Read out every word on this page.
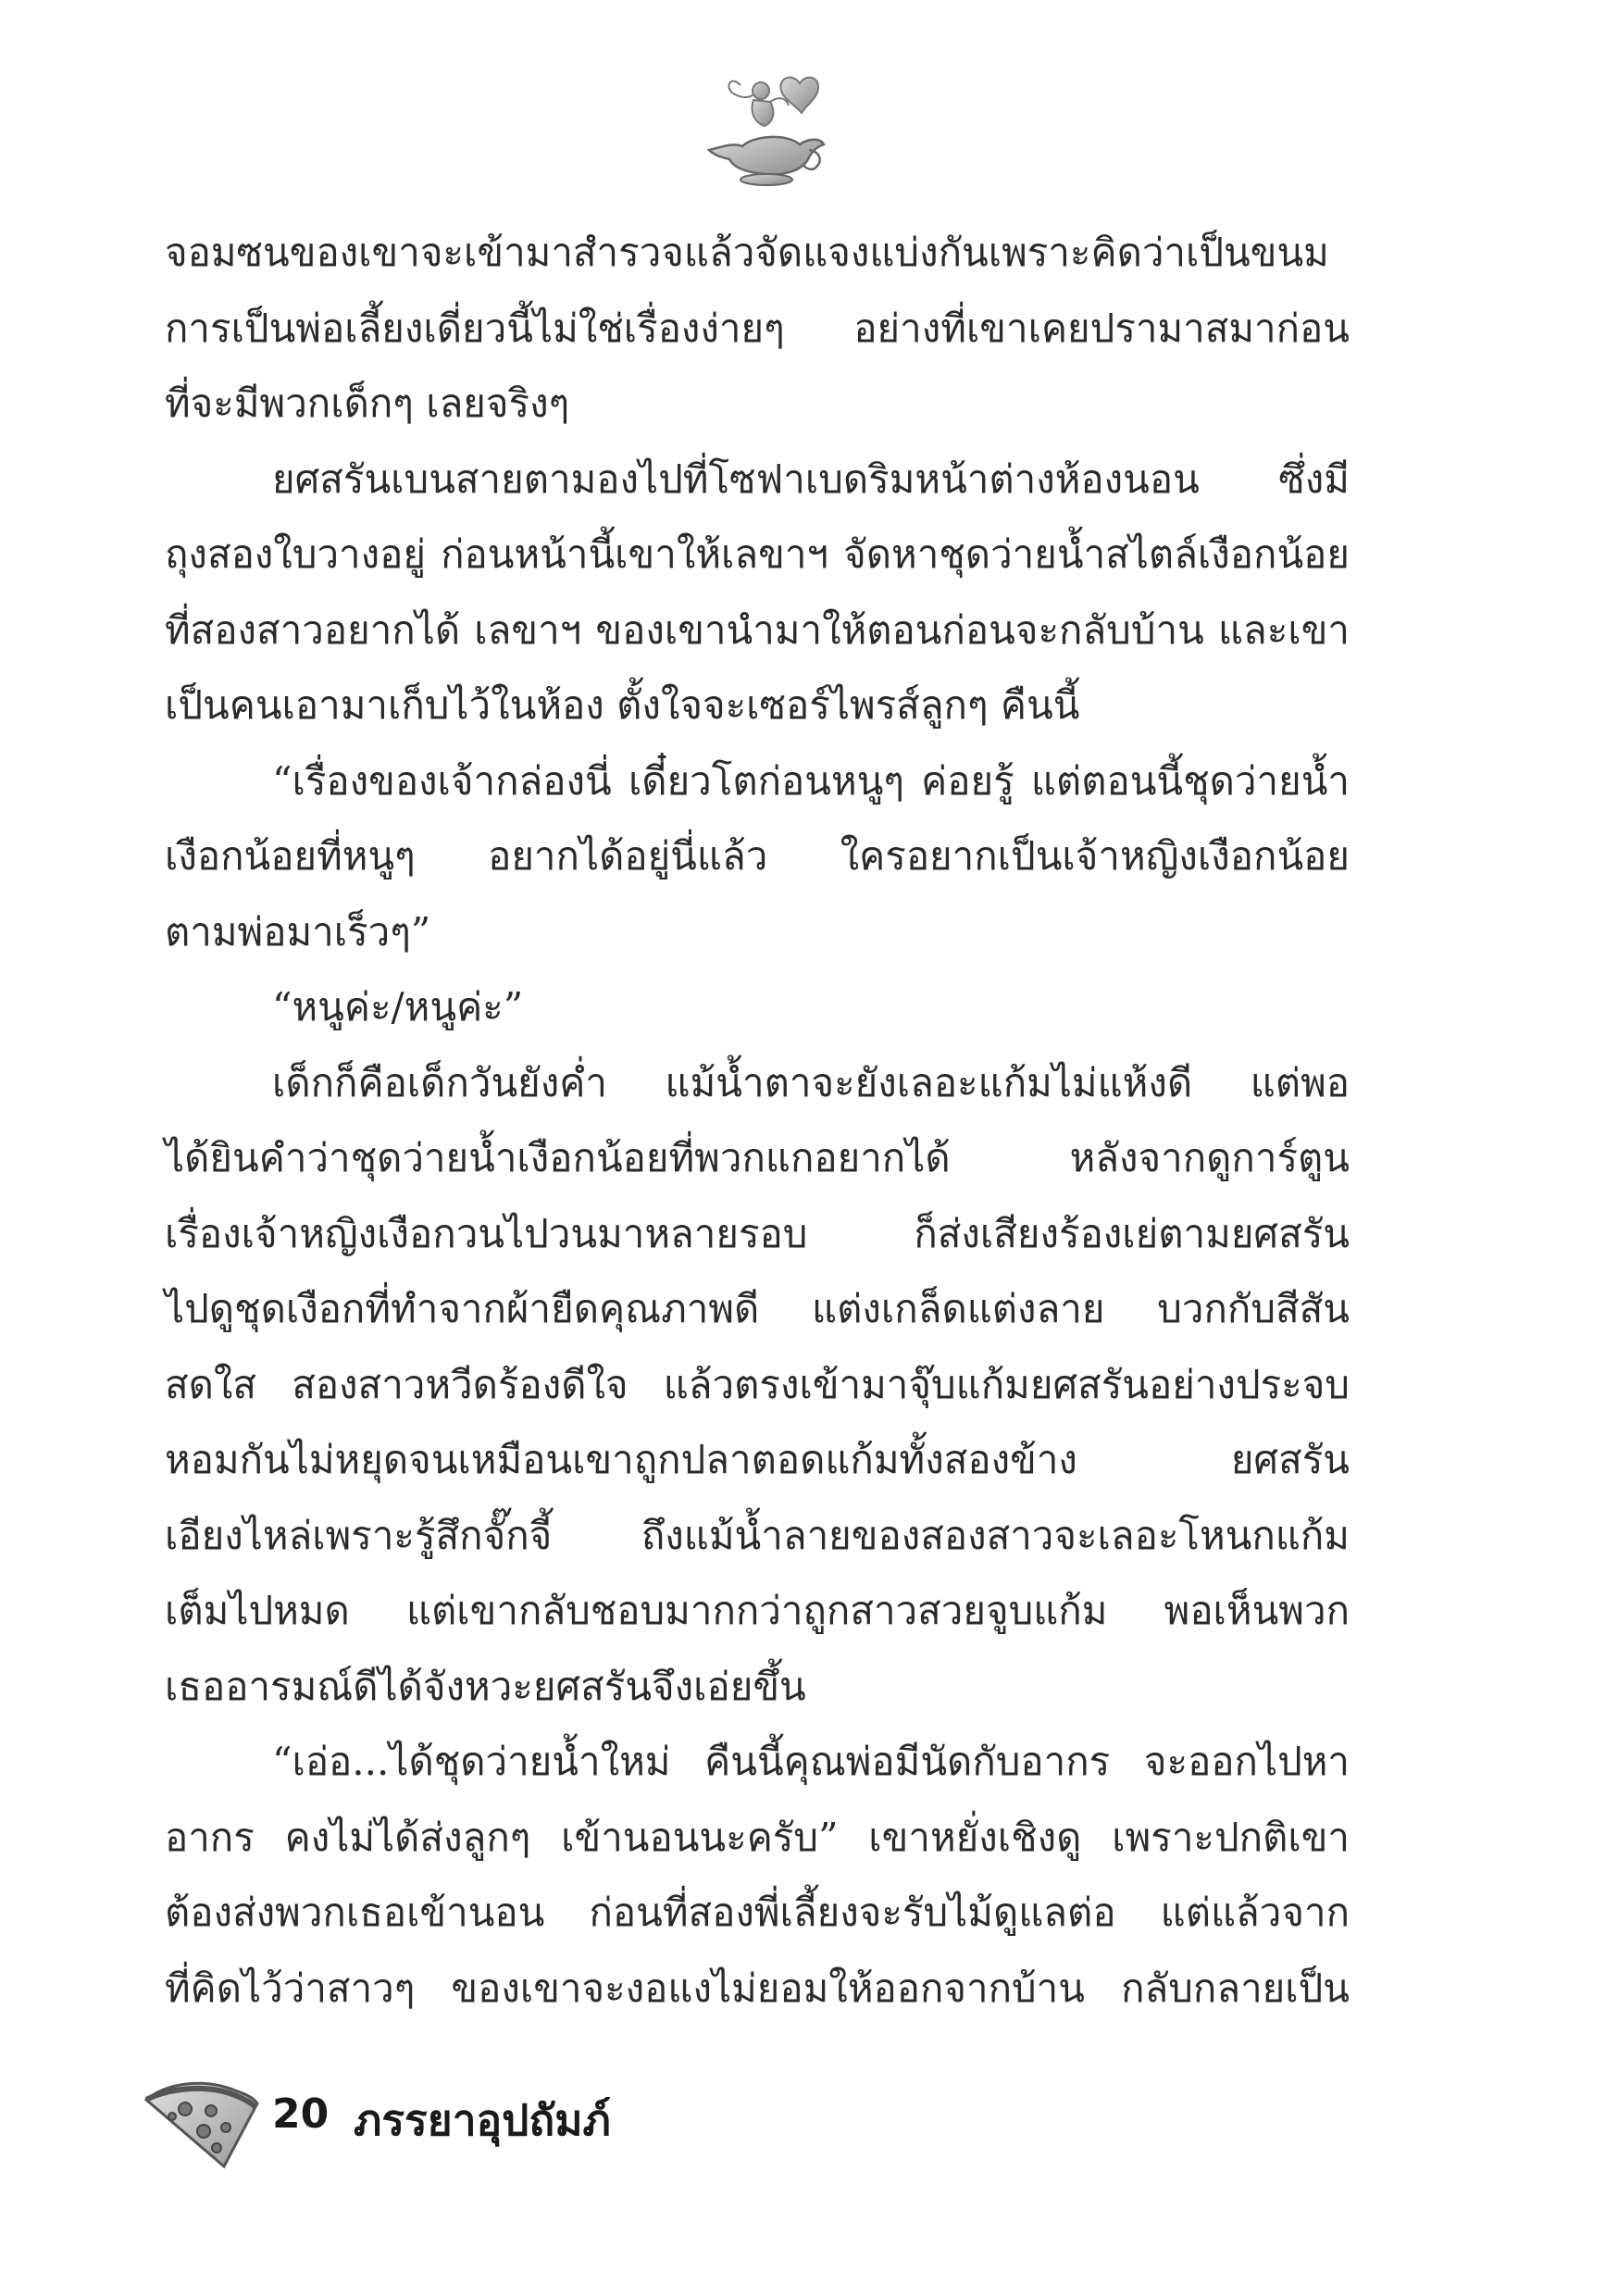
จอมซนของเขาจะเข้ามาสำรวจแล้วจัดแจงแบ่งกันเพราะคิดว่าเป็นขนม
การเป็นพ่อเลี้ยงเดี่ยวนี้ไม่ใช่เรื่องง่ายๆ อย่างที่เขาเคยปรามาสมาก่อน
ที่จะมีพวกเด็กๆ เลยจริงๆ
ยศสรันเบนสายตามองไปที่โซฟาเบดริมหน้าต่างห้องนอน ซึ่งมี
ถุงสองใบวางอยู่ ก่อนหน้านี้เขาให้เลขาฯ จัดหาชุดว่ายน้ำสไตล์เงือกน้อย
ที่สองสาวอยากได้ เลขาฯ ของเขานำมาให้ตอนก่อนจะกลับบ้าน และเขา
เป็นคนเอามาเก็บไว้ในห้อง ตั้งใจจะเซอร์ไพรส์ลูกๆ คืนนี้
“เรื่องของเจ้ากล่องนี่ เดี๋ยวโตก่อนหนูๆ ค่อยรู้ แต่ตอนนี้ชุดว่ายน้ำ
เงือกน้อยที่หนูๆ อยากได้อยู่นี่แล้ว ใครอยากเป็นเจ้าหญิงเงือกน้อย
ตามพ่อมาเร็วๆ”
“หนูค่ะ/หนูค่ะ”
เด็กก็คือเด็กวันยังค่ำ แม้น้ำตาจะยังเลอะแก้มไม่แห้งดี แต่พอ
ได้ยินคำว่าชุดว่ายน้ำเงือกน้อยที่พวกแกอยากได้ หลังจากดูการ์ตูน
เรื่องเจ้าหญิงเงือกวนไปวนมาหลายรอบ ก็ส่งเสียงร้องเย่ตามยศสรัน
ไปดูชุดเงือกที่ทำจากผ้ายืดคุณภาพดี แต่งเกล็ดแต่งลาย บวกกับสีสัน
สดใส สองสาวหวีดร้องดีใจ แล้วตรงเข้ามาจุ๊บแก้มยศสรันอย่างประจบ
หอมกันไม่หยุดจนเหมือนเขาถูกปลาตอดแก้มทั้งสองข้าง ยศสรัน
เอียงไหล่เพราะรู้สึกจั๊กจี้ ถึงแม้น้ำลายของสองสาวจะเลอะโหนกแก้ม
เต็มไปหมด แต่เขากลับชอบมากกว่าถูกสาวสวยจูบแก้ม พอเห็นพวก
เธออารมณ์ดีได้จังหวะยศสรันจึงเอ่ยขึ้น
“เอ่อ...ได้ชุดว่ายน้ำใหม่ คืนนี้คุณพ่อมีนัดกับอากร จะออกไปหา
อากร คงไม่ได้ส่งลูกๆ เข้านอนนะครับ” เขาหยั่งเชิงดู เพราะปกติเขา
ต้องส่งพวกเธอเข้านอน ก่อนที่สองพี่เลี้ยงจะรับไม้ดูแลต่อ แต่แล้วจาก
ที่คิดไว้ว่าสาวๆ ของเขาจะงอแงไม่ยอมให้ออกจากบ้าน กลับกลายเป็น
20 ภรรยาอุปถัมภ์
